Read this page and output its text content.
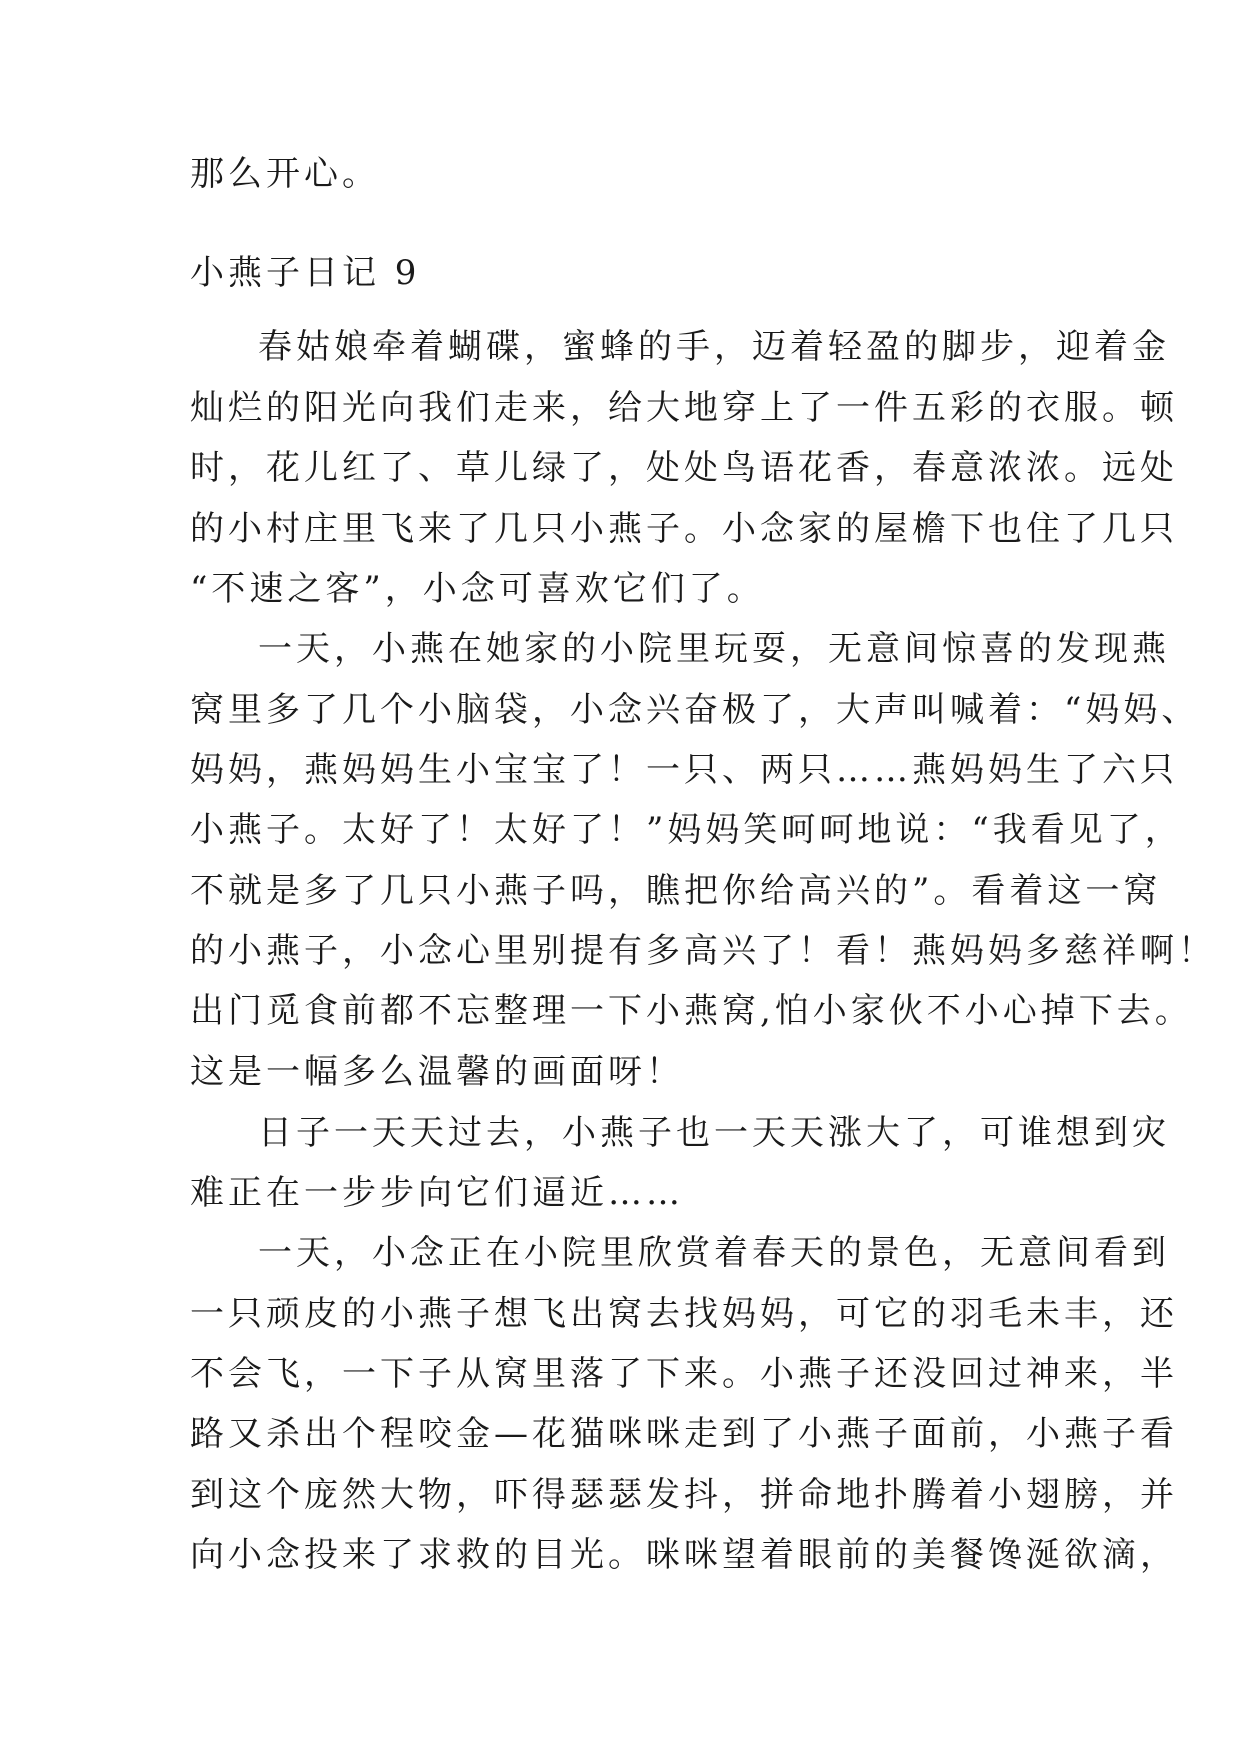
那么开心。
小燕子日记 9
春姑娘牵着蝴碟，蜜蜂的手，迈着轻盈的脚步，迎着金
灿烂的阳光向我们走来，给大地穿上了一件五彩的衣服。顿
时，花儿红了、草儿绿了，处处鸟语花香，春意浓浓。远处
的小村庄里飞来了几只小燕子。小念家的屋檐下也住了几只
“不速之客”，小念可喜欢它们了。
一天，小燕在她家的小院里玩耍，无意间惊喜的发现燕
窝里多了几个小脑袋，小念兴奋极了，大声叫喊着：“妈妈、
妈妈，燕妈妈生小宝宝了！一只、两只……燕妈妈生了六只
小燕子。太好了！太好了！”妈妈笑呵呵地说：“我看见了，
不就是多了几只小燕子吗，瞧把你给高兴的”。看着这一窝
的小燕子，小念心里别提有多高兴了！看！燕妈妈多慈祥啊！
出门觅食前都不忘整理一下小燕窝,怕小家伙不小心掉下去。
这是一幅多么温馨的画面呀！
日子一天天过去，小燕子也一天天涨大了，可谁想到灾
难正在一步步向它们逼近……
一天，小念正在小院里欣赏着春天的景色，无意间看到
一只顽皮的小燕子想飞出窝去找妈妈，可它的羽毛未丰，还
不会飞，一下子从窝里落了下来。小燕子还没回过神来，半
路又杀出个程咬金—花猫咪咪走到了小燕子面前，小燕子看
到这个庞然大物，吓得瑟瑟发抖，拼命地扑腾着小翅膀，并
向小念投来了求救的目光。咪咪望着眼前的美餐馋涎欲滴，
